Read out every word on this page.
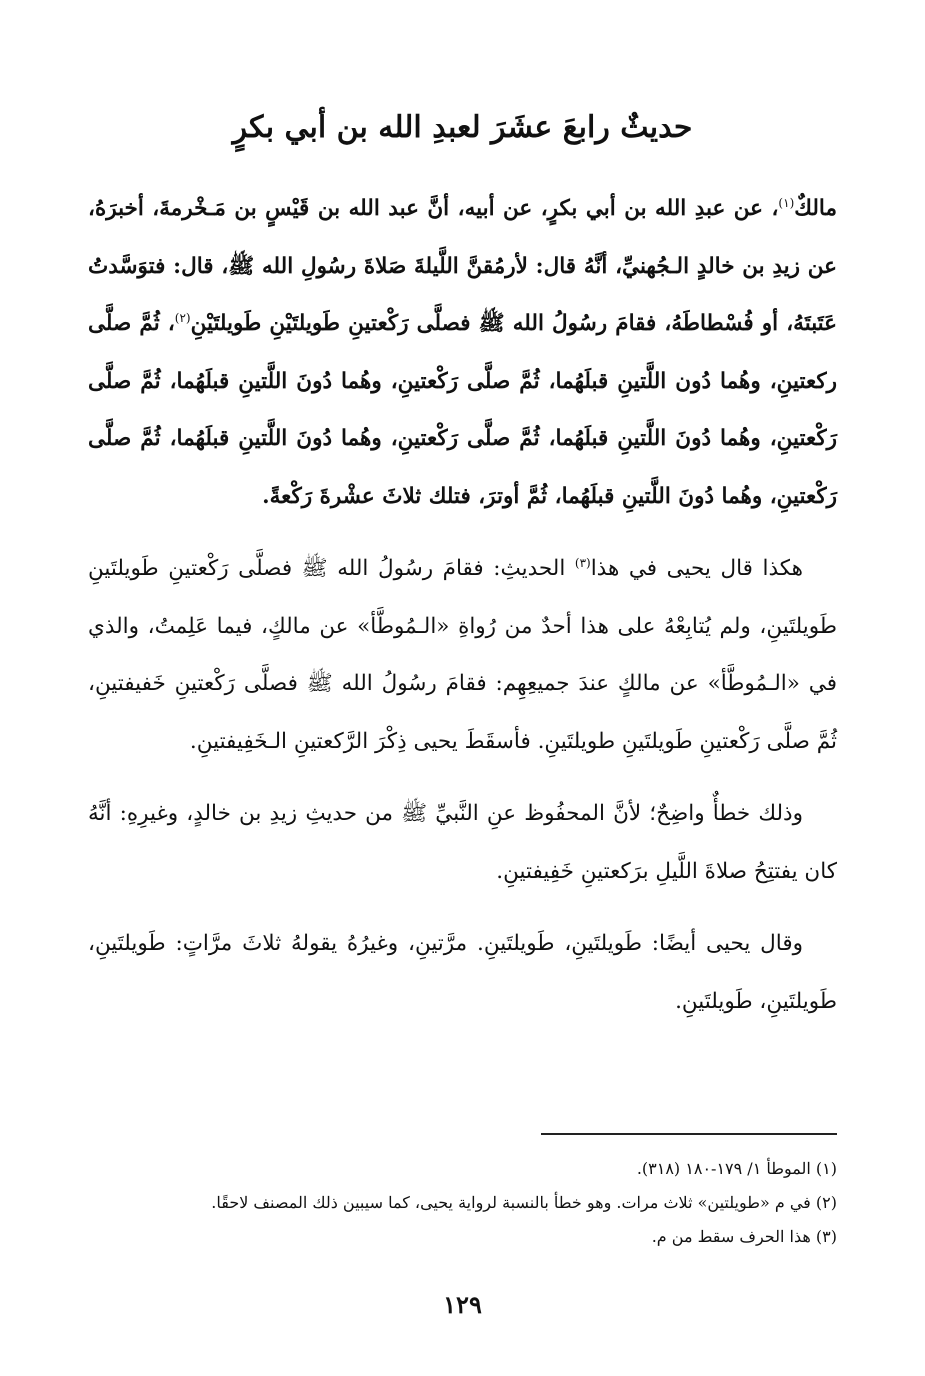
حديثٌ رابعَ عشَرَ لعبدِ الله بن أبي بكرٍ

مالكٌ$^{(١)}$، عن عبدِ الله بن أبي بكرٍ، عن أبيه، أنَّ عبد الله بن قَيْسٍ بن مَـخْرمةَ، أخبرَهُ، عن زيدِ بن خالدٍ الـجُهنيِّ، أنَّهُ قال: لأرمُقنَّ اللَّيلةَ صَلاةَ رسُولِ الله ﷺ، قال: فتوَسَّدتُ عَتَبتَهُ، أو فُسْطاطَهُ، فقامَ رسُولُ الله ﷺ فصلَّى رَكْعتينِ طَويلتَيْنِ طَويلتَيْنِ$^{(٢)}$، ثُمَّ صلَّى ركعتينِ، وهُما دُون اللَّتينِ قبلَهُما، ثُمَّ صلَّى رَكْعتينِ، وهُما دُونَ اللَّتينِ قبلَهُما، ثُمَّ صلَّى رَكْعتينِ، وهُما دُونَ اللَّتينِ قبلَهُما، ثُمَّ صلَّى رَكْعتينِ، وهُما دُونَ اللَّتينِ قبلَهُما، ثُمَّ صلَّى رَكْعتينِ، وهُما دُونَ اللَّتينِ قبلَهُما، ثُمَّ أوترَ، فتلك ثلاثَ عشْرةَ رَكْعةً.

هكذا قال يحيى في هذا$^{(٣)}$ الحديثِ: فقامَ رسُولُ الله ﷺ فصلَّى رَكْعتينِ طَويلتَينِ طَويلتَينِ، ولم يُتابِعْهُ على هذا أحدٌ من رُواةِ «الـمُوطَّأ» عن مالكٍ، فيما عَلِمتُ، والذي في «الـمُوطَّأ» عن مالكٍ عندَ جميعِهِم: فقامَ رسُولُ الله ﷺ فصلَّى رَكْعتينِ خَفيفتينِ، ثُمَّ صلَّى رَكْعتينِ طَويلتَينِ طويلتَينِ. فأسقَطَ يحيى ذِكْرَ الرَّكعتينِ الـخَفِيفتينِ.

وذلك خطأٌ واضِحٌ؛ لأنَّ المحفُوظ عنِ النَّبيِّ ﷺ من حديثِ زيدِ بن خالدٍ، وغيرِهِ: أنَّهُ كان يفتتِحُ صلاةَ اللَّيلِ برَكعتينِ خَفِيفتينِ.

وقال يحيى أيضًا: طَويلتَينِ، طَويلتَينِ. مرَّتينِ، وغيرُهُ يقولهُ ثلاثَ مرَّاتٍ: طَويلتَينِ، طَويلتَينِ، طَويلتَينِ.

(١) الموطأ ١/ ١٧٩-١٨٠ (٣١٨).
(٢) في م «طويلتين» ثلاث مرات. وهو خطأ بالنسبة لرواية يحيى، كما سيبين ذلك المصنف لاحقًا.
(٣) هذا الحرف سقط من م.
١٢٩
